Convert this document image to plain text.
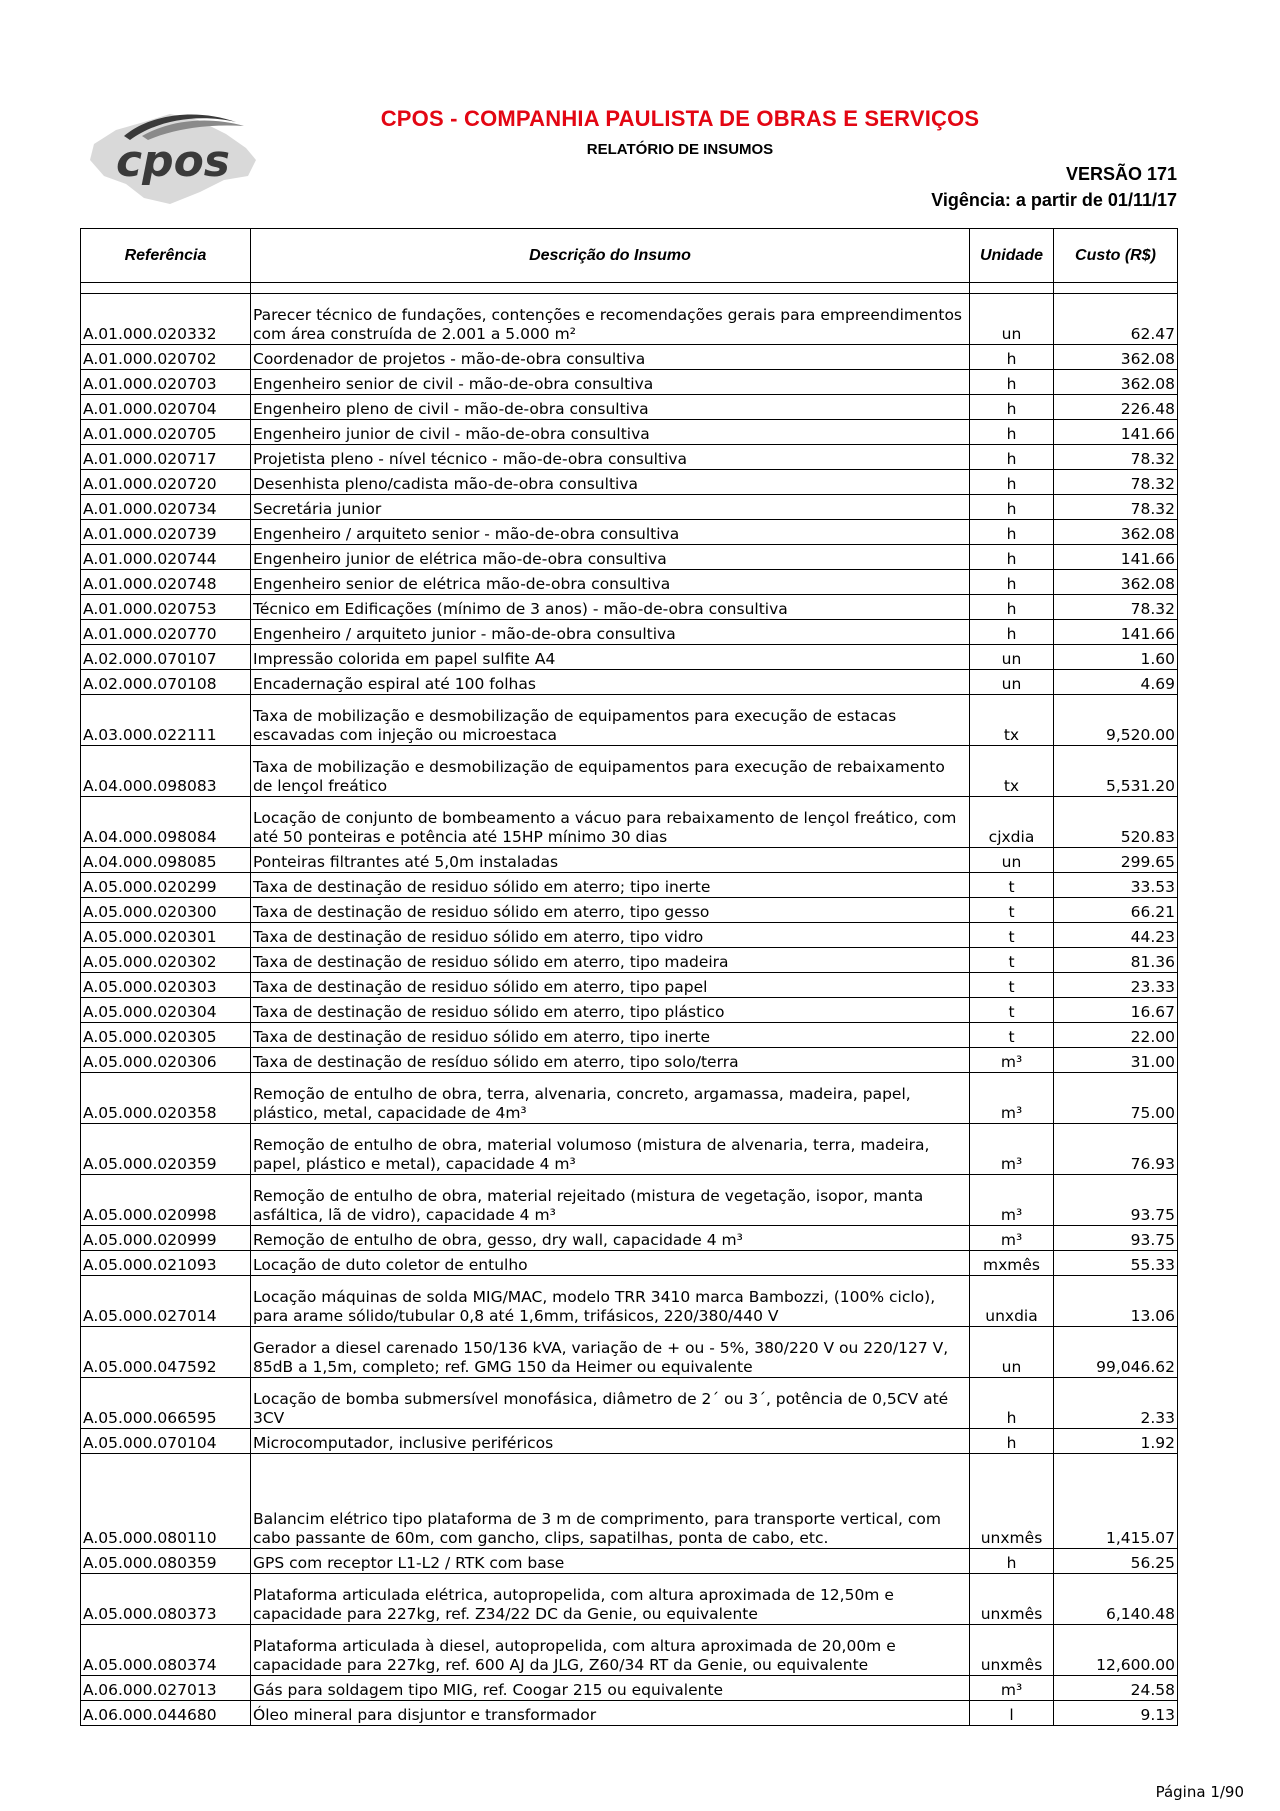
cpos
CPOS - COMPANHIA PAULISTA DE OBRAS E SERVIÇOS
RELATÓRIO DE INSUMOS
VERSÃO 171
Vigência: a partir de 01/11/17
Referência	Descrição do Insumo	Unidade	Custo (R$)

A.01.000.020332	Parecer técnico de fundações, contenções e recomendações gerais para empreendimentos com área construída de 2.001 a 5.000 m²	un	62.47
A.01.000.020702	Coordenador de projetos - mão-de-obra consultiva	h	362.08
A.01.000.020703	Engenheiro senior de civil - mão-de-obra consultiva	h	362.08
A.01.000.020704	Engenheiro pleno de civil - mão-de-obra consultiva	h	226.48
A.01.000.020705	Engenheiro junior de civil - mão-de-obra consultiva	h	141.66
A.01.000.020717	Projetista pleno - nível técnico - mão-de-obra consultiva	h	78.32
A.01.000.020720	Desenhista pleno/cadista mão-de-obra consultiva	h	78.32
A.01.000.020734	Secretária junior	h	78.32
A.01.000.020739	Engenheiro / arquiteto senior - mão-de-obra consultiva	h	362.08
A.01.000.020744	Engenheiro junior de elétrica mão-de-obra consultiva	h	141.66
A.01.000.020748	Engenheiro senior de elétrica mão-de-obra consultiva	h	362.08
A.01.000.020753	Técnico em Edificações (mínimo de 3 anos) - mão-de-obra consultiva	h	78.32
A.01.000.020770	Engenheiro / arquiteto junior - mão-de-obra consultiva	h	141.66
A.02.000.070107	Impressão colorida em papel sulfite A4	un	1.60
A.02.000.070108	Encadernação espiral até 100 folhas	un	4.69
A.03.000.022111	Taxa de mobilização e desmobilização de equipamentos para execução de estacas escavadas com injeção ou microestaca	tx	9,520.00
A.04.000.098083	Taxa de mobilização e desmobilização de equipamentos para execução de rebaixamento de lençol freático	tx	5,531.20
A.04.000.098084	Locação de conjunto de bombeamento a vácuo para rebaixamento de lençol freático, com até 50 ponteiras e potência até 15HP mínimo 30 dias	cjxdia	520.83
A.04.000.098085	Ponteiras filtrantes até 5,0m instaladas	un	299.65
A.05.000.020299	Taxa de destinação de residuo sólido em aterro; tipo inerte	t	33.53
A.05.000.020300	Taxa de destinação de residuo sólido em aterro, tipo gesso	t	66.21
A.05.000.020301	Taxa de destinação de residuo sólido em aterro, tipo vidro	t	44.23
A.05.000.020302	Taxa de destinação de residuo sólido em aterro, tipo madeira	t	81.36
A.05.000.020303	Taxa de destinação de residuo sólido em aterro, tipo papel	t	23.33
A.05.000.020304	Taxa de destinação de residuo sólido em aterro, tipo plástico	t	16.67
A.05.000.020305	Taxa de destinação de residuo sólido em aterro, tipo inerte	t	22.00
A.05.000.020306	Taxa de destinação de resíduo sólido em aterro, tipo solo/terra	m³	31.00
A.05.000.020358	Remoção de entulho de obra, terra, alvenaria, concreto, argamassa, madeira, papel, plástico, metal, capacidade de 4m³	m³	75.00
A.05.000.020359	Remoção de entulho de obra, material volumoso (mistura de alvenaria, terra, madeira, papel, plástico e metal), capacidade 4 m³	m³	76.93
A.05.000.020998	Remoção de entulho de obra, material rejeitado (mistura de vegetação, isopor, manta asfáltica, lã de vidro), capacidade 4 m³	m³	93.75
A.05.000.020999	Remoção de entulho de obra, gesso, dry wall, capacidade 4 m³	m³	93.75
A.05.000.021093	Locação de duto coletor de entulho	mxmês	55.33
A.05.000.027014	Locação máquinas de solda MIG/MAC, modelo TRR 3410 marca Bambozzi, (100% ciclo), para arame sólido/tubular 0,8 até 1,6mm, trifásicos, 220/380/440 V	unxdia	13.06
A.05.000.047592	Gerador a diesel carenado 150/136 kVA, variação de + ou - 5%, 380/220 V ou 220/127 V, 85dB a 1,5m, completo; ref. GMG 150 da Heimer ou equivalente	un	99,046.62
A.05.000.066595	Locação de bomba submersível monofásica, diâmetro de 2´ ou 3´, potência de 0,5CV até 3CV	h	2.33
A.05.000.070104	Microcomputador, inclusive periféricos	h	1.92
A.05.000.080110	Balancim elétrico tipo plataforma de 3 m de comprimento, para transporte vertical, com cabo passante de 60m, com gancho, clips, sapatilhas, ponta de cabo, etc.	unxmês	1,415.07
A.05.000.080359	GPS com receptor L1-L2 / RTK com base	h	56.25
A.05.000.080373	Plataforma articulada elétrica, autopropelida, com altura aproximada de 12,50m e capacidade para 227kg, ref. Z34/22 DC da Genie, ou equivalente	unxmês	6,140.48
A.05.000.080374	Plataforma articulada à diesel, autopropelida, com altura aproximada de 20,00m e capacidade para 227kg, ref. 600 AJ da JLG, Z60/34 RT da Genie, ou equivalente	unxmês	12,600.00
A.06.000.027013	Gás para soldagem tipo MIG, ref. Coogar 215 ou equivalente	m³	24.58
A.06.000.044680	Óleo mineral para disjuntor e transformador	l	9.13
Página 1/90
